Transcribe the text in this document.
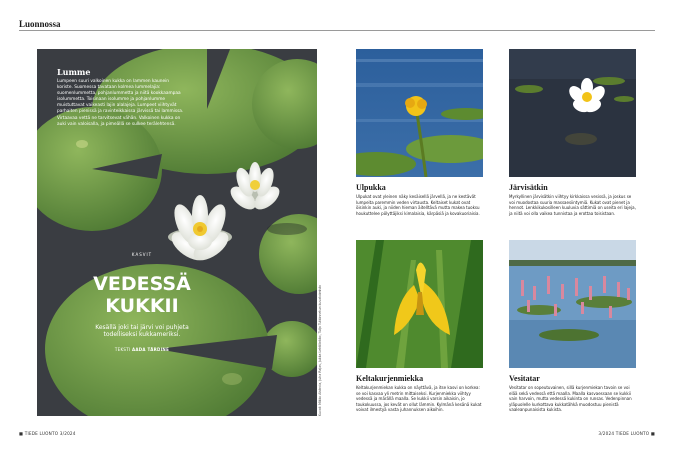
Luonnossa
Lumme

Lumpeen suuri valkoinen kukka on lammen kaunein koriste. Suomessa tavataan kolmea lummelajia: suomenlummetta, pohjanlummetta ja niitä kookkaampaa isolummetta. Toisinaan isolumme ja pohjanlumme muistuttavat vaikeasti lajin alalajeja. Lumpeet viihtyvät parhaiten pienissä ja ravinteikkaissa järvissä tai lammissa. Virtaavaa vettä ne tarvitsevat vähän. Valkoinen kukka on auki vain valoisalla, ja pimeällä se sulkee terälehtensä.

KASVIT
VEDESSÄ
KUKKII
Kesällä joki tai järvi voi puhjeta
todelliseksi kukkameriksi.
TEKSTI AADA TÄRDINE	Kuvat: Mikko Aistrola, Juha Rajas, Jukka Lehtilinkko, Tuija Tutkinnetun kuvatoimisto
Ulpukka

Ulpukat ovat yleinen näky kesäisellä järvellä, ja ne kestävät lumpeita paremmin veden virtausta. Keltaiset kukat ovat öisinkin auki, ja niiden hieman äitelltävä mutta makea tuoksu houkuttelee pölyttäjiksi kimalaisia, kärpäsiä ja kovakuoriaisia.

Järvisätkin

Myrkyllinen järvisätkin viihtyy kirkkaissa vesissä, ja joskus se voi muodostaa suuria massaesiintymiä. Kukat ovat pienet ja hennot. Lenkkikukosilleen kuuluvia sättimiä on useita eri lajeja, ja niitä voi olla vaikea tunnistaa ja erottaa toisistaan.

Keltakurjenmiekka

Keltakurjenmiekan kukka on näyttävä, ja itse kasvi on korkea: se voi kasvaa yli metrin mittaiseksi. Kurjenmiekka viihtyy vedessä ja märällä maalla. Se kukkii varsin aikaisin, jo toukokuussa, jos kevät on ollut lämmin. Kylmänä kesänä kukat voivat ilmestyä vasta juhannuksen aikoihin.

Vesitatar

Vesitatar on sopeutuvainen, sillä kurjenmiekan tavoin se voi elää sekä vedessä että maalla. Maalla kasvaessaan se kukkii vain harvoin, mutta vedessä kukinta on runsas. Vedenpinnan yläpuolelle kurkottava kukkatähkä muodostuu pienistä vaaleanpunaisista kukista.

■ TIEDE LUONTO 3/2024	3/2024 TIEDE LUONTO ■
